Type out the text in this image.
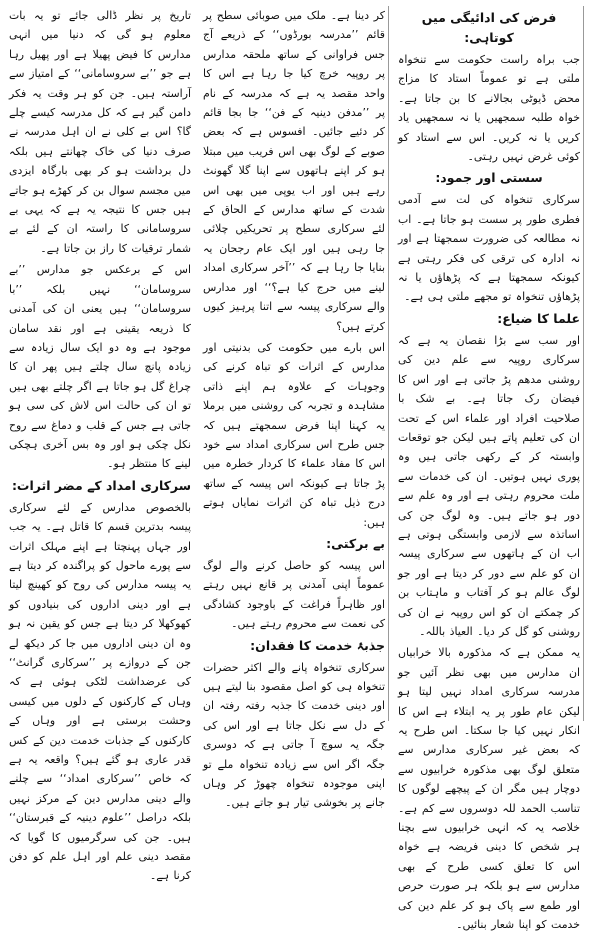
تاریخ پر نظر ڈالی جائے تو یہ بات معلوم ہو گی کہ دنیا میں انہی مدارس کا فیض پھیلا ہے اور پھیل رہا ہے جو ’’بے سروسامانی‘‘ کے امتیاز سے آراستہ ہیں۔ جن کو ہر وقت یہ فکر دامن گیر ہے کہ کل مدرسہ کیسے چلے گا؟ اس بے کلی نے ان اہل مدرسہ نے صرف دنیا کی خاک چھانتے ہیں بلکہ دل برداشت ہو کر بھی بارگاہ ایزدی میں مجسم سوال بن کر کھڑے ہو جاتے ہیں جس کا نتیجہ یہ ہے کہ یہی بے سروسامانی کا راستہ ان کے لئے بے شمار ترقیات کا راز بن جاتا ہے۔

اس کے برعکس جو مدارس ’’بے سروسامان‘‘ نہیں بلکہ ’’با سروسامان‘‘ ہیں یعنی ان کی آمدنی کا ذریعہ یقینی ہے اور نقد سامان موجود ہے وہ دو ایک سال زیادہ سے زیادہ پانچ سال چلتے ہیں پھر ان کا چراغ گل ہو جاتا ہے اگر چلتے بھی ہیں تو ان کی حالت اس لاش کی سی ہو جاتی ہے جس کے قلب و دماغ سے روح نکل چکی ہو اور وہ بس آخری ہچکی لینے کا منتظر ہو۔

سرکاری امداد کے مضر اثرات:

بالخصوص مدارس کے لئے سرکاری پیسہ بدترین قسم کا قاتل ہے۔ یہ جب اور جہاں پہنچتا ہے اپنے مہلک اثرات سے پورے ماحول کو پراگندہ کر دیتا ہے یہ پیسہ مدارس کی روح کو کھینچ لیتا ہے اور دینی اداروں کی بنیادوں کو کھوکھلا کر دیتا ہے جس کو یقین نہ ہو وہ ان دینی اداروں میں جا کر دیکھ لے جن کے دروازے پر ’’سرکاری گرانٹ‘‘ کی عرضداشت لٹکی ہوئی ہے کہ وہاں کے کارکنوں کے دلوں میں کیسی وحشت برستی ہے اور وہاں کے کارکنوں کے جذبات خدمت دین کے کس قدر عاری ہو گئے ہیں؟ واقعہ یہ ہے کہ خاص ’’سرکاری امداد‘‘ سے چلنے والے دینی مدارس دین کے مرکز نہیں بلکہ دراصل ’’علوم دینیہ کے قبرستان‘‘ ہیں۔ جن کی سرگرمیوں کا گویا کہ مقصد دینی علم اور اہل علم کو دفن کرنا ہے۔

کر دینا ہے۔ ملک میں صوبائی سطح پر قائم ’’مدرسہ بورڈوں‘‘ کے ذریعے آج جس فراوانی کے ساتھ ملحقہ مدارس پر روپیہ خرچ کیا جا رہا ہے اس کا واحد مقصد یہ ہے کہ مدرسہ کے نام پر ’’مدفن دینیہ کے فن‘‘ جا بجا قائم کر دئیے جائیں۔ افسوس ہے کہ بعض صوبے کے لوگ بھی اس فریب میں مبتلا ہو کر اپنے ہاتھوں سے اپنا گلا گھونٹ رہے ہیں اور اب یوپی میں بھی اس شدت کے ساتھ مدارس کے الحاق کے لئے سرکاری سطح پر تحریکیں چلائی جا رہی ہیں اور ایک عام رجحان یہ بنایا جا رہا ہے کہ ’’آخر سرکاری امداد لینے میں حرج کیا ہے؟‘‘ اور مدارس والے سرکاری پیسہ سے اتنا پرہیز کیوں کرتے ہیں؟

اس بارے میں حکومت کی بدنیتی اور مدارس کے اثرات کو تباہ کرنے کی وجوہات کے علاوہ ہم اپنے ذاتی مشاہدہ و تجربہ کی روشنی میں برملا یہ کہنا اپنا فرض سمجھتے ہیں کہ جس طرح اس سرکاری امداد سے خود اس کا مفاد علماء کا کردار خطرہ میں پڑ جاتا ہے کیونکہ اس پیسہ کے ساتھ درج ذیل تباہ کن اثرات نمایاں ہوتے ہیں:

بے برکتی:

اس پیسہ کو حاصل کرنے والے لوگ عموماً اپنی آمدنی پر قانع نہیں رہتے اور ظاہراً فراغت کے باوجود کشادگی کی نعمت سے محروم رہتے ہیں۔

جذبۂ خدمت کا فقدان:

سرکاری تنخواہ پانے والے اکثر حضرات تنخواہ ہی کو اصل مقصود بنا لیتے ہیں اور دینی خدمت کا جذبہ رفتہ رفتہ ان کے دل سے نکل جاتا ہے اور اس کی جگہ یہ سوچ آ جاتی ہے کہ دوسری جگہ اگر اس سے زیادہ تنخواہ ملے تو اپنی موجودہ تنخواہ چھوڑ کر وہاں جانے پر بخوشی تیار ہو جاتے ہیں۔

فرض کی ادائیگی میں کوتاہی:

جب براہ راست حکومت سے تنخواہ ملتی ہے تو عموماً استاد کا مزاج محض ڈیوٹی بجالانے کا بن جاتا ہے۔ خواہ طلبہ سمجھیں یا نہ سمجھیں یاد کریں یا نہ کریں۔ اس سے استاد کو کوئی غرض نہیں رہتی۔

سستی اور جمود:

سرکاری تنخواہ کی لت سے آدمی فطری طور پر سست ہو جاتا ہے۔ اب نہ مطالعہ کی ضرورت سمجھتا ہے اور نہ ادارہ کی ترقی کی فکر رہتی ہے کیونکہ سمجھتا ہے کہ پڑھاؤں یا نہ پڑھاؤں تنخواہ تو مجھے ملتی ہی ہے۔

علما کا ضیاع:

اور سب سے بڑا نقصان یہ ہے کہ سرکاری روپیہ سے علم دین کی روشنی مدھم پڑ جاتی ہے اور اس کا فیضان رک جاتا ہے۔ بے شک با صلاحیت افراد اور علماء اس کے تحت ان کی تعلیم پاتے ہیں لیکن جو توقعات وابستہ کر کے رکھی جاتی ہیں وہ پوری نہیں ہوتیں۔ ان کی خدمات سے ملت محروم رہتی ہے اور وہ علم سے دور ہو جاتے ہیں۔ وہ لوگ جن کی اساتذہ سے لازمی وابستگی ہوتی ہے اب ان کے ہاتھوں سے سرکاری پیسہ ان کو علم سے دور کر دیتا ہے اور جو لوگ عالم ہو کر آفتاب و ماہتاب بن کر چمکتے ان کو اس روپیہ نے ان کی روشنی کو گل کر دیا۔ العیاذ باللہ۔

یہ ممکن ہے کہ مذکورہ بالا خرابیاں ان مدارس میں بھی نظر آئیں جو مدرسہ سرکاری امداد نہیں لیتا ہو لیکن عام طور پر یہ ابتلاء ہے اس کا انکار نہیں کیا جا سکتا۔ اس طرح یہ کہ بعض غیر سرکاری مدارس سے متعلق لوگ بھی مذکورہ خرابیوں سے دوچار ہیں مگر ان کے پیچھے لوگوں کا تناسب الحمد للہ دوسروں سے کم ہے۔ خلاصہ یہ کہ انہی خرابیوں سے بچنا ہر شخص کا دینی فریضہ ہے خواہ اس کا تعلق کسی طرح کے بھی مدارس سے ہو بلکہ ہر صورت حرص اور طمع سے پاک ہو کر علم دین کی خدمت کو اپنا شعار بنائیں۔
